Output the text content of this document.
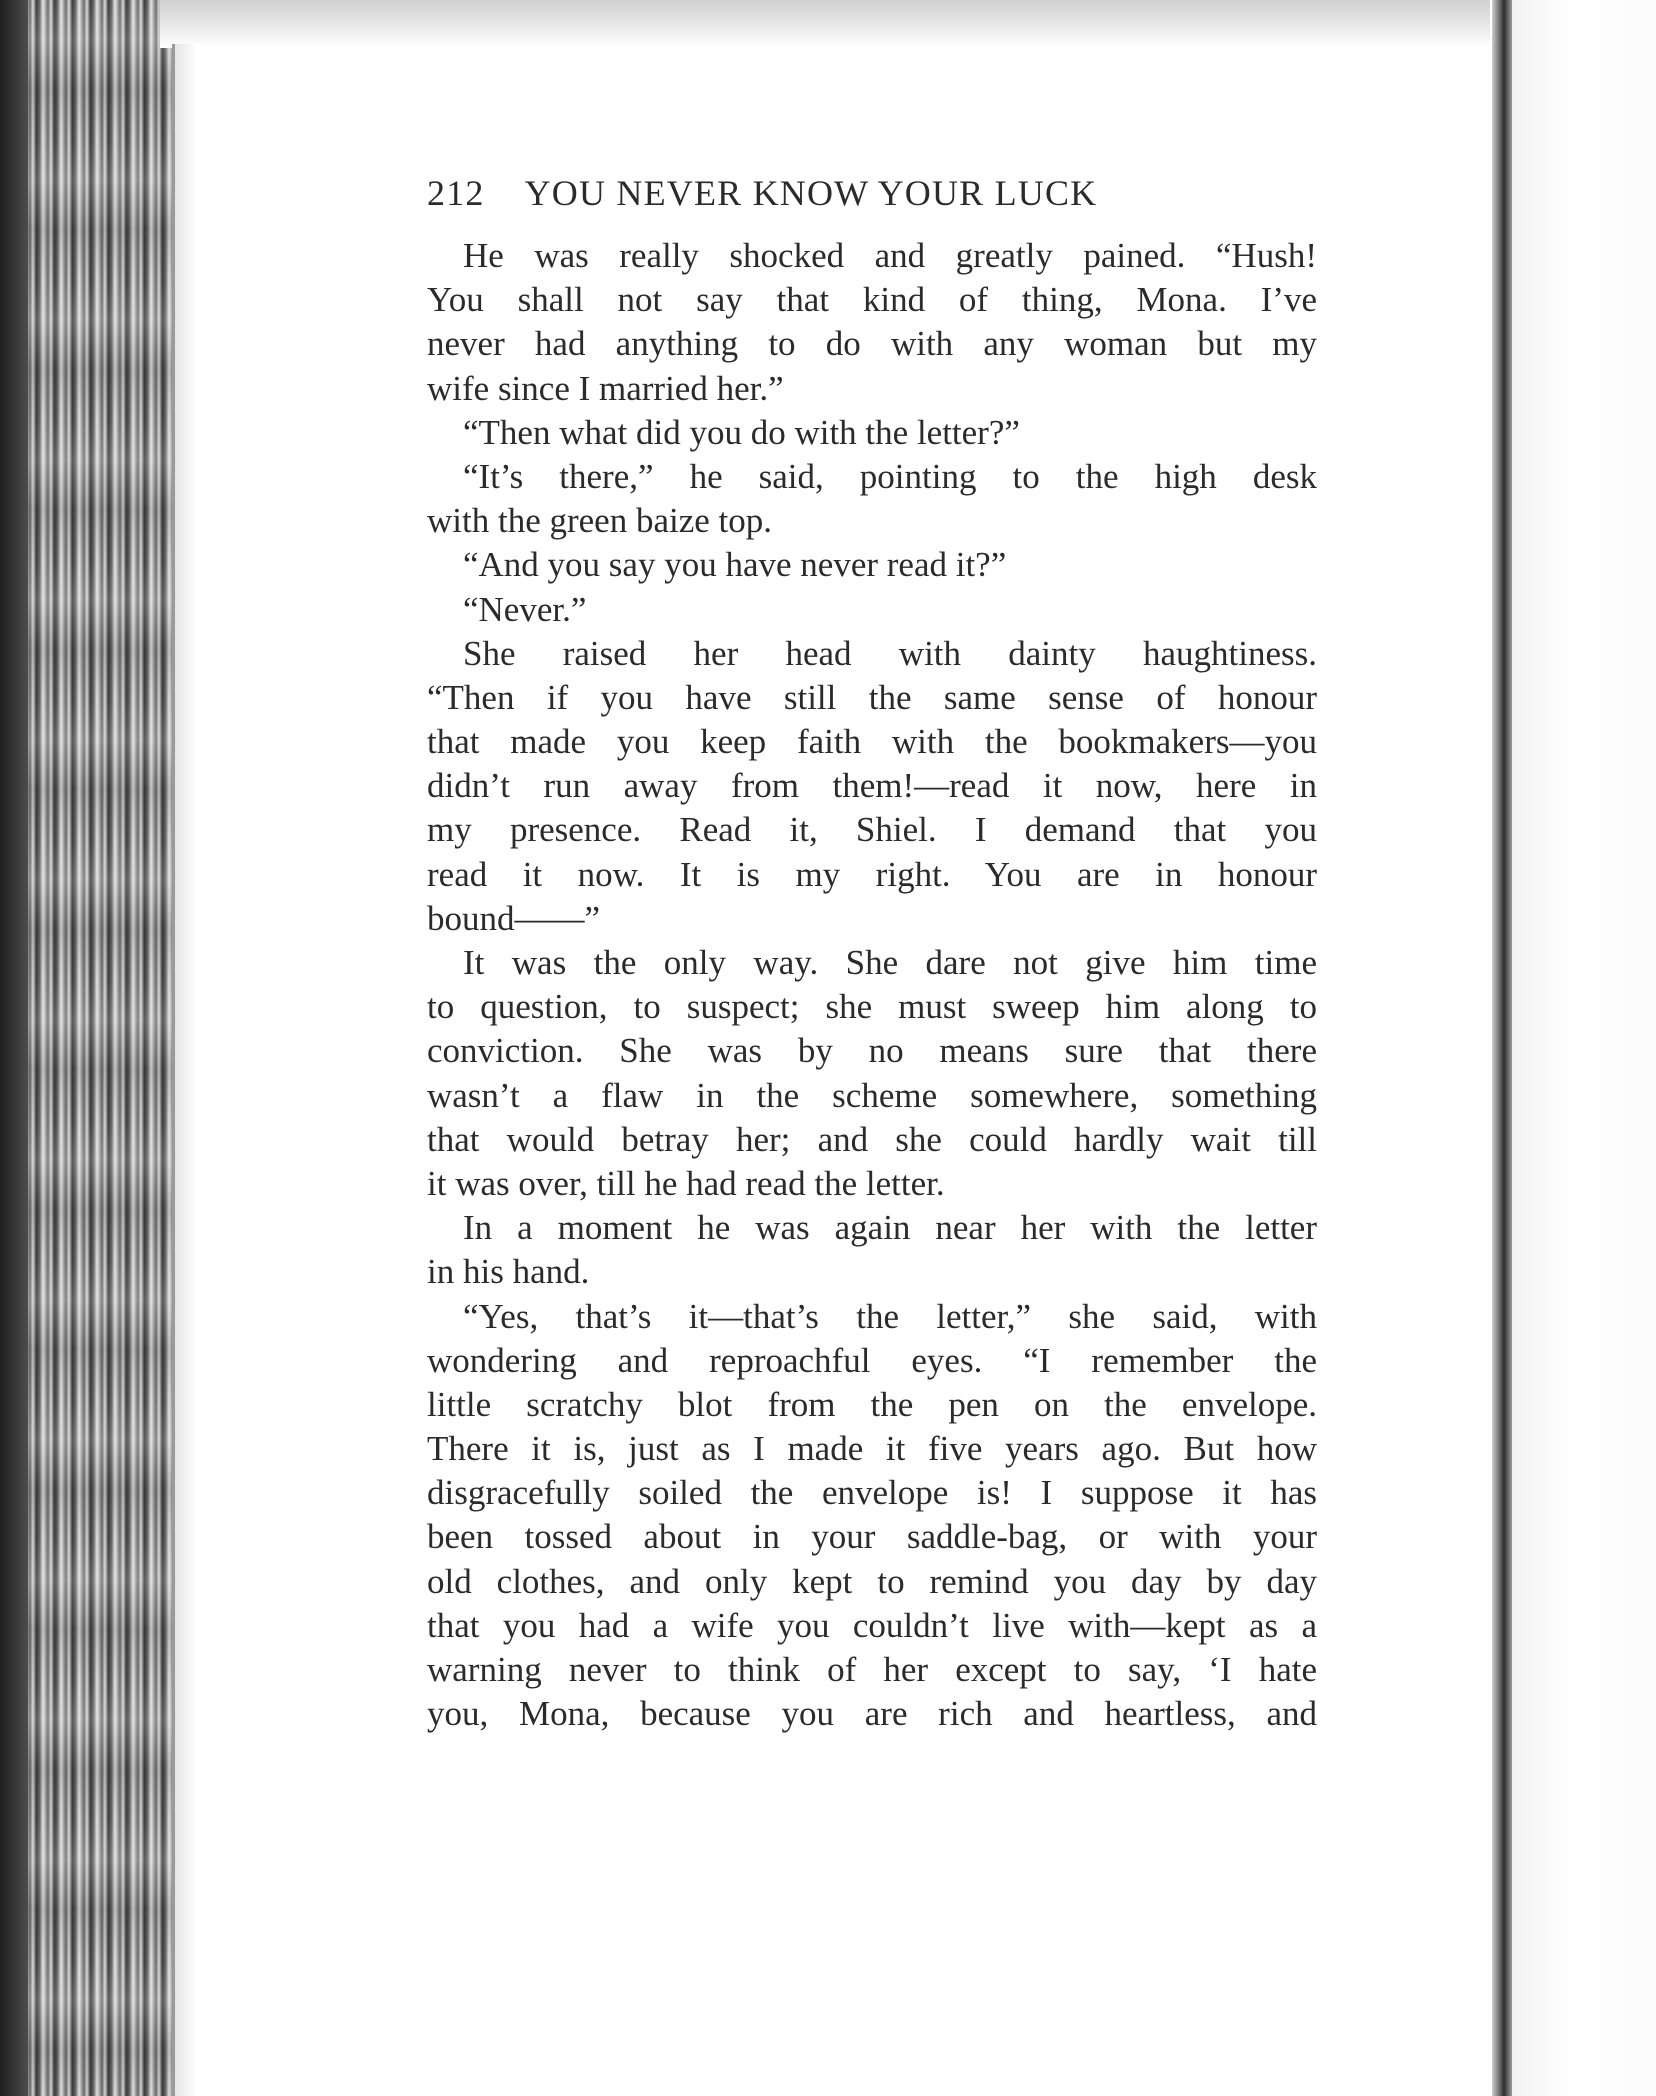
212 YOU NEVER KNOW YOUR LUCK
He was really shocked and greatly pained. “Hush!
You shall not say that kind of thing, Mona. I’ve
never had anything to do with any woman but my
wife since I married her.”
“Then what did you do with the letter?”
“It’s there,” he said, pointing to the high desk
with the green baize top.
“And you say you have never read it?”
“Never.”
She raised her head with dainty haughtiness.
“Then if you have still the same sense of honour
that made you keep faith with the bookmakers—you
didn’t run away from them!—read it now, here in
my presence. Read it, Shiel. I demand that you
read it now. It is my right. You are in honour
bound——”
It was the only way. She dare not give him time
to question, to suspect; she must sweep him along to
conviction. She was by no means sure that there
wasn’t a flaw in the scheme somewhere, something
that would betray her; and she could hardly wait till
it was over, till he had read the letter.
In a moment he was again near her with the letter
in his hand.
“Yes, that’s it—that’s the letter,” she said, with
wondering and reproachful eyes. “I remember the
little scratchy blot from the pen on the envelope.
There it is, just as I made it five years ago. But how
disgracefully soiled the envelope is! I suppose it has
been tossed about in your saddle-bag, or with your
old clothes, and only kept to remind you day by day
that you had a wife you couldn’t live with—kept as a
warning never to think of her except to say, ‘I hate
you, Mona, because you are rich and heartless, and
